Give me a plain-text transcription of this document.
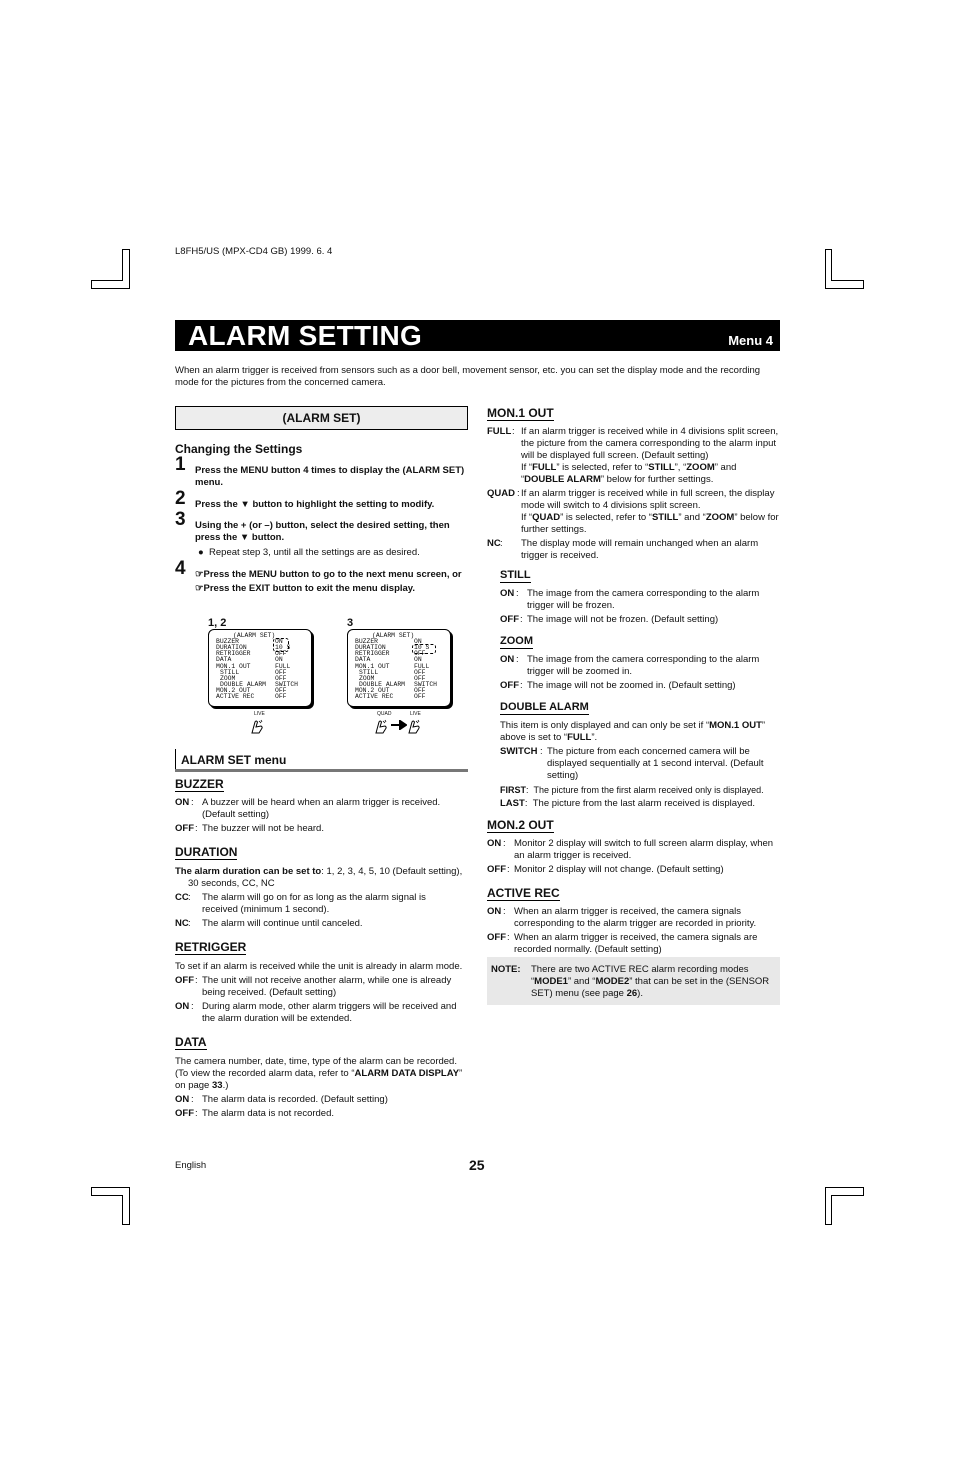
L8FH5/US (MPX-CD4 GB) 1999. 6. 4
ALARM SETTING	Menu 4
When an alarm trigger is received from sensors such as a door bell, movement sensor, etc. you can set the display mode and the recording mode for the pictures from the concerned camera.
(ALARM SET)
Changing the Settings
1 Press the MENU button 4 times to display the (ALARM SET) menu.
2 Press the ▼ button to highlight the setting to modify.
3 Using the + (or –) button, select the desired setting, then press the ▼ button.
● Repeat step 3, until all the settings are as desired.
4 ☞Press the MENU button to go to the next menu screen, or
☞Press the EXIT button to exit the menu display.
1, 2	3
(ALARM SET)
BUZZER	ON
DURATION	10 S
RETRIGGER	OFF
DATA	ON
MON.1 OUT	FULL
STILL	OFF
ZOOM	OFF
DOUBLE ALARM SWITCH
MON.2 OUT	OFF
ACTIVE REC	OFF
(ALARM SET)
BUZZER	ON
DURATION	10 S
RETRIGGER	OFF
DATA	ON
MON.1 OUT	FULL
STILL	OFF
ZOOM	OFF
DOUBLE ALARM SWITCH
MON.2 OUT	OFF
ACTIVE REC	OFF
LIVE	QUAD	LIVE
ALARM SET menu
BUZZER
ON : A buzzer will be heard when an alarm trigger is received. (Default setting)
OFF : The buzzer will not be heard.
DURATION
The alarm duration can be set to: 1, 2, 3, 4, 5, 10 (Default setting), 30 seconds, CC, NC
CC : The alarm will go on for as long as the alarm signal is received (minimum 1 second).
NC : The alarm will continue until canceled.
RETRIGGER
To set if an alarm is received while the unit is already in alarm mode.
OFF : The unit will not receive another alarm, while one is already being received. (Default setting)
ON : During alarm mode, other alarm triggers will be received and the alarm duration will be extended.
DATA
The camera number, date, time, type of the alarm can be recorded. (To view the recorded alarm data, refer to “ALARM DATA DISPLAY” on page 33.)
ON : The alarm data is recorded. (Default setting)
OFF : The alarm data is not recorded.
MON.1 OUT
FULL : If an alarm trigger is received while in 4 divisions split screen, the picture from the camera corresponding to the alarm input will be displayed full screen. (Default setting)
If “FULL” is selected, refer to “STILL”, “ZOOM” and “DOUBLE ALARM” below for further settings.
QUAD : If an alarm trigger is received while in full screen, the display mode will switch to 4 divisions split screen.
If “QUAD” is selected, refer to “STILL” and “ZOOM” below for further settings.
NC : The display mode will remain unchanged when an alarm trigger is received.
STILL
ON : The image from the camera corresponding to the alarm trigger will be frozen.
OFF : The image will not be frozen. (Default setting)
ZOOM
ON : The image from the camera corresponding to the alarm trigger will be zoomed in.
OFF : The image will not be zoomed in. (Default setting)
DOUBLE ALARM
This item is only displayed and can only be set if “MON.1 OUT” above is set to “FULL”.
SWITCH : The picture from each concerned camera will be displayed sequentially at 1 second interval. (Default setting)
FIRST:  The picture from the first alarm received only is displayed.
LAST:  The picture from the last alarm received is displayed.
MON.2 OUT
ON : Monitor 2 display will switch to full screen alarm display, when an alarm trigger is received.
OFF : Monitor 2 display will not change. (Default setting)
ACTIVE REC
ON : When an alarm trigger is received, the camera signals corresponding to the alarm trigger are recorded in priority.
OFF : When an alarm trigger is received, the camera signals are recorded normally. (Default setting)
NOTE: There are two ACTIVE REC alarm recording modes “MODE1” and “MODE2” that can be set in the (SENSOR SET) menu (see page 26).
English	25
